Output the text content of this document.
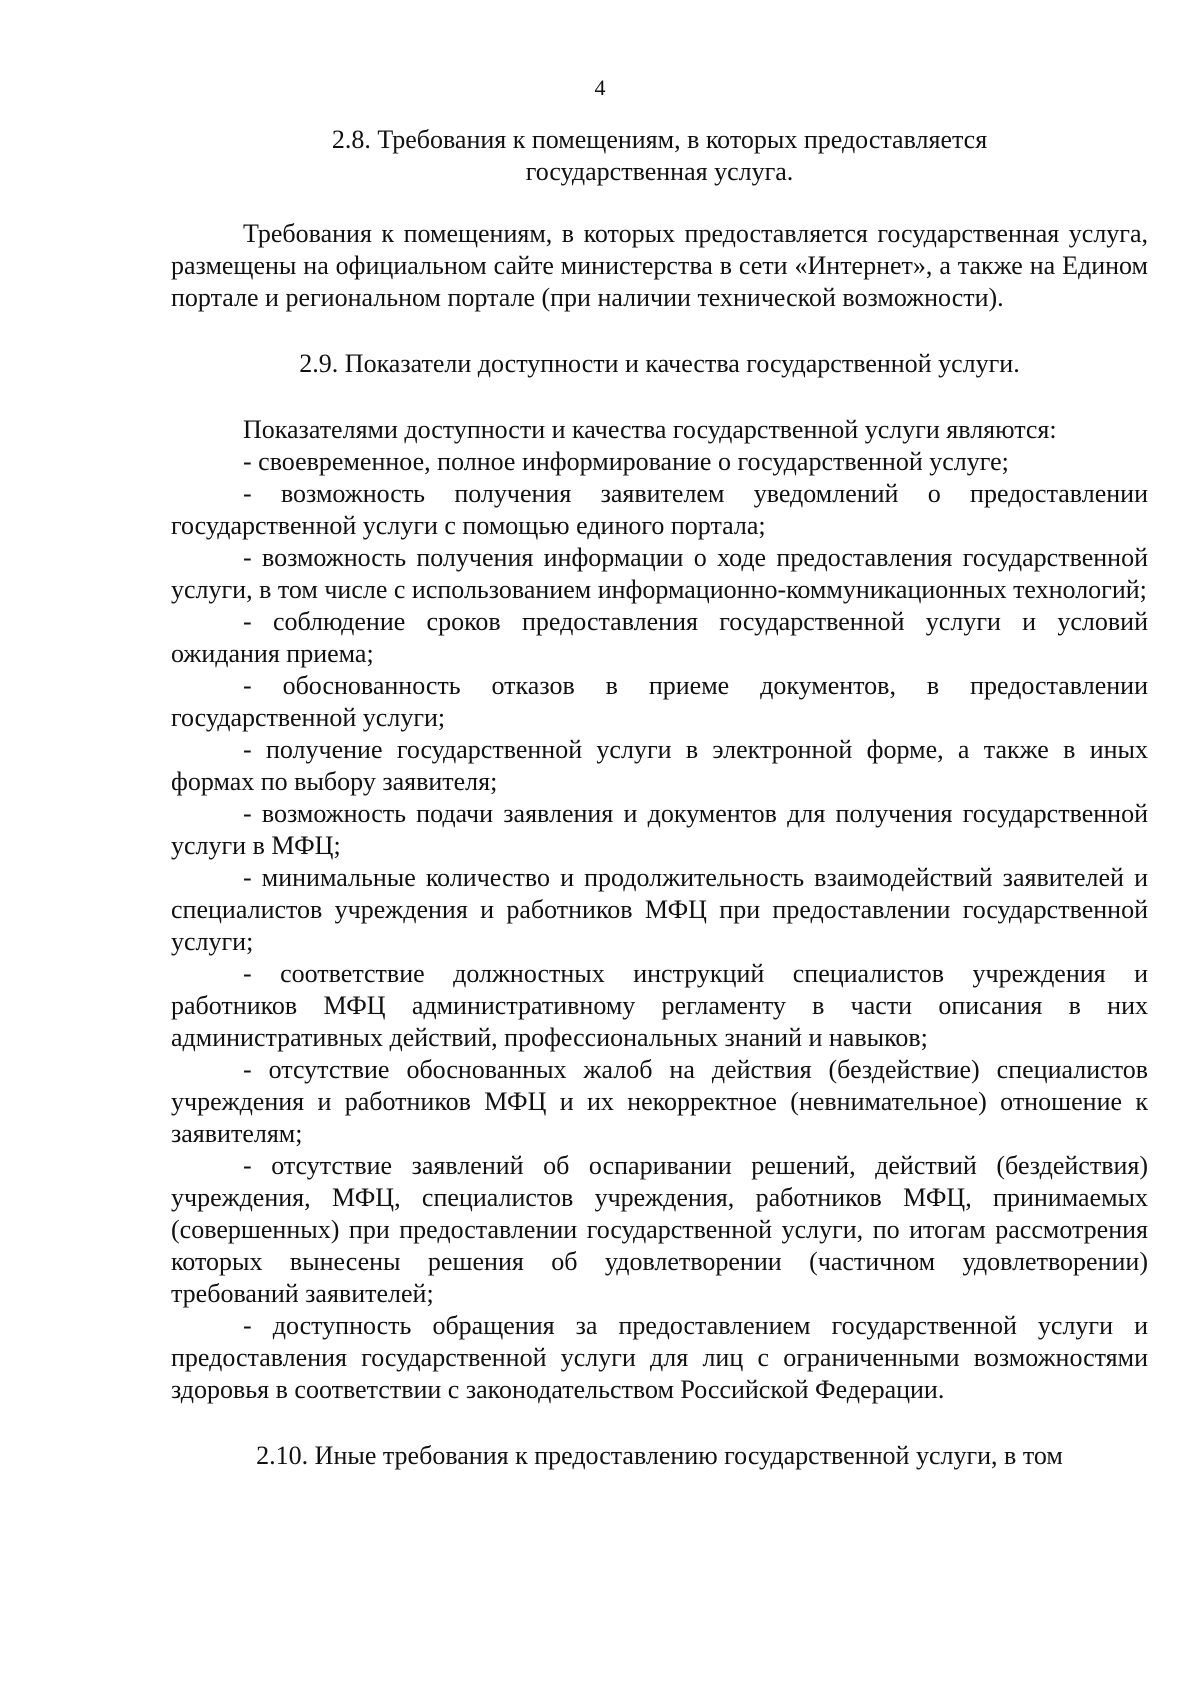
4

2.8. Требования к помещениям, в которых предоставляется

государственная услуга.

Требования к помещениям, в которых предоставляется государственная услуга, размещены на официальном сайте министерства в сети «Интернет», а также на Едином портале и региональном портале (при наличии технической возможности).

2.9. Показатели доступности и качества государственной услуги.

Показателями доступности и качества государственной услуги являются:

- своевременное, полное информирование о государственной услуге;

- возможность получения заявителем уведомлений о предоставлении государственной услуги с помощью единого портала;

- возможность получения информации о ходе предоставления государственной услуги, в том числе с использованием информационно-коммуникационных технологий;

- соблюдение сроков предоставления государственной услуги и условий ожидания приема;

- обоснованность отказов в приеме документов, в предоставлении государственной услуги;

- получение государственной услуги в электронной форме, а также в иных формах по выбору заявителя;

- возможность подачи заявления и документов для получения государственной услуги в МФЦ;

- минимальные количество и продолжительность взаимодействий заявителей и специалистов учреждения и работников МФЦ при предоставлении государственной услуги;

- соответствие должностных инструкций специалистов учреждения и работников МФЦ административному регламенту в части описания в них административных действий, профессиональных знаний и навыков;

- отсутствие обоснованных жалоб на действия (бездействие) специалистов учреждения и работников МФЦ и их некорректное (невнимательное) отношение к заявителям;

- отсутствие заявлений об оспаривании решений, действий (бездействия) учреждения, МФЦ, специалистов учреждения, работников МФЦ, принимаемых (совершенных) при предоставлении государственной услуги, по итогам рассмотрения которых вынесены решения об удовлетворении (частичном удовлетворении) требований заявителей;

- доступность обращения за предоставлением государственной услуги и предоставления государственной услуги для лиц с ограниченными возможностями здоровья в соответствии с законодательством Российской Федерации.

2.10. Иные требования к предоставлению государственной услуги, в том
